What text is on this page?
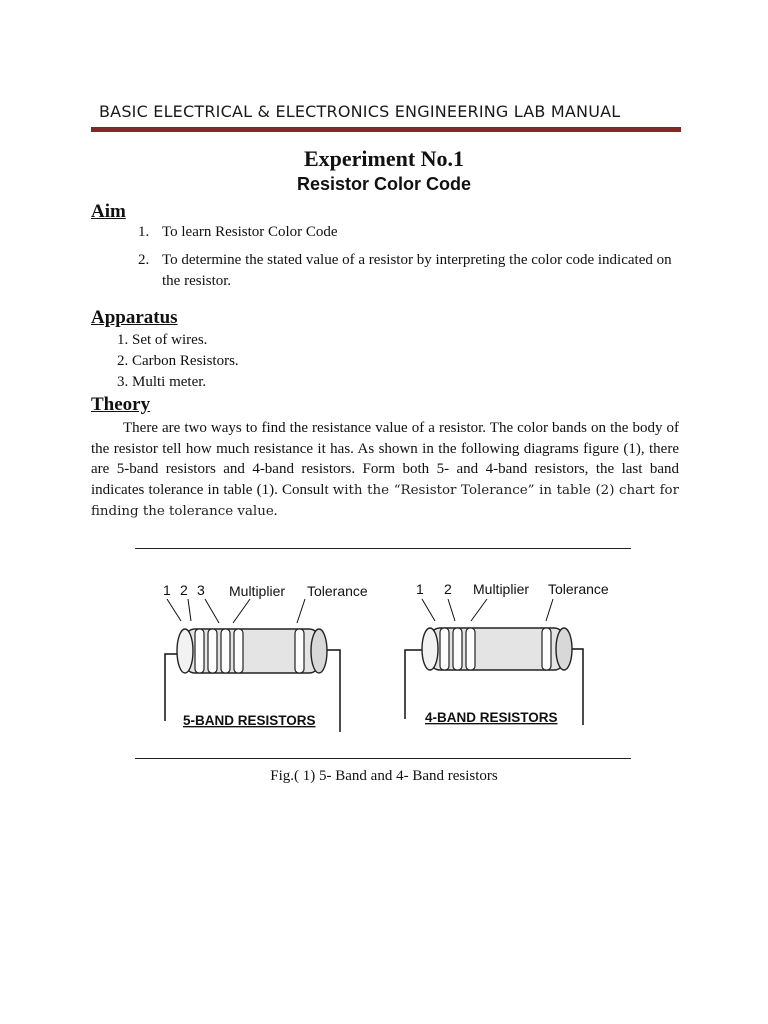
BASIC ELECTRICAL & ELECTRONICS ENGINEERING LAB MANUAL
Experiment No.1
Resistor Color Code
Aim
1. To learn Resistor Color Code
2. To determine the stated value of a resistor by interpreting the color code indicated on the resistor.
Apparatus
1. Set of wires.
2. Carbon Resistors.
3. Multi meter.
Theory

There are two ways to find the resistance value of a resistor. The color bands on the body of the resistor tell how much resistance it has. As shown in the following diagrams figure (1), there are 5-band resistors and 4-band resistors. Form both 5- and 4-band resistors, the last band indicates tolerance in table (1). Consult with the “Resistor Tolerance” in table (2) chart for finding the tolerance value.

1 2 3 Multiplier Tolerance
5-BAND RESISTORS
1 2 Multiplier Tolerance
4-BAND RESISTORS
Fig.( 1) 5- Band and 4- Band resistors
